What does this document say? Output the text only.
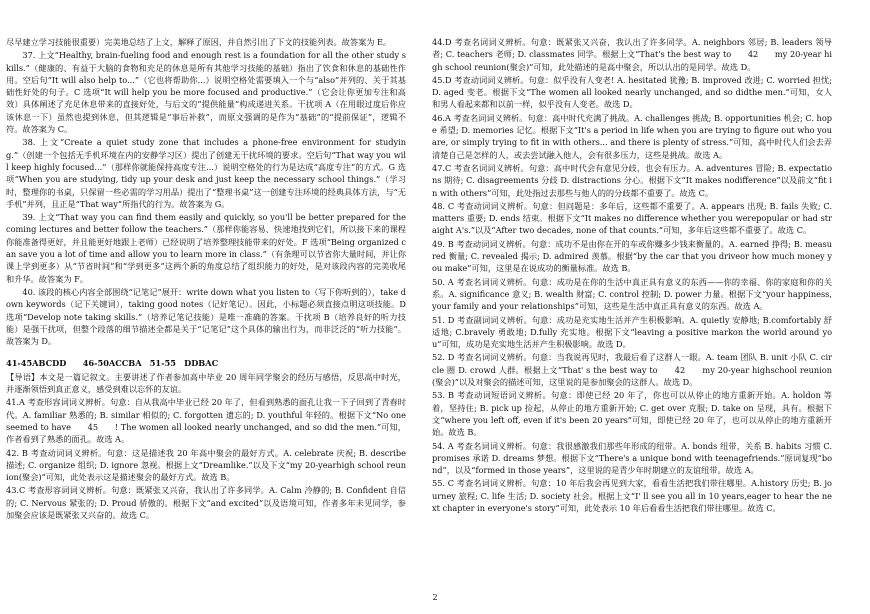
尽早建立学习技能很重要）完美地总结了上文，解释了原因，并自然引出了下文的技能列表。故答案为 E。

37. 上文“Healthy, brain-fueling food and enough rest is a foundation for all the other study skills.”（健康的、有益于大脑的食物和充足的休息是所有其他学习技能的基础）指出了饮食和休息的基础性作用。空后句“It will also help to...”（它也将帮助你...）说明空格处需要填入一个与“also”并列的、关于其基础性好处的句子。C 选项“It will help you be more focused and productive.”（它会让你更加专注和高效）具体阐述了充足休息带来的直接好处，与后文的“提供能量”构成递进关系。干扰项 A（在用眼过度后你应该休息一下）虽然也提到休息，但其逻辑是“事后补救”，而原文强调的是作为“基础”的“提前保证”，逻辑不符。故答案为 C。

38. 上文“Create a quiet study zone that includes a phone-free environment for studying.”（创建一个包括无手机环境在内的安静学习区）提出了创建无干扰环境的要求。空后句“That way you will keep highly focused...”（那样你就能保持高度专注...）说明空格处的行为是达成“高度专注”的方式。G 选项“When you are studying, tidy up your desk and just keep the necessary school things.”（学习时，整理你的书桌，只保留一些必需的学习用品）提出了“整理书桌”这一创建专注环境的经典具体方法，与“无手机”并列，且正是“That way”所指代的行为。故答案为 G。

39. 上文“That way you can find them easily and quickly, so you'll be better prepared for the coming lectures and better follow the teachers.”（那样你能容易、快速地找到它们，所以接下来的课程你能准备得更好，并且能更好地跟上老师）已经说明了培养整理技能带来的好处。F 选项“Being organized can save you a lot of time and allow you to learn more in class.”（有条理可以节省你大量时间，并让你课上学到更多）从“节省时间”和“学到更多”这两个新的角度总结了组织能力的好处，是对该段内容的完美收尾和升华。故答案为 F。

40. 该段的核心内容全部围绕“记笔记”展开：write down what you listen to（写下你听到的），take down keywords（记下关键词），taking good notes（记好笔记）。因此，小标题必须直接点明这项技能。D 选项“Develop note taking skills.”（培养记笔记技能）是唯一准确的答案。干扰项 B（培养良好的听力技能）是强干扰项，但整个段落的细节描述全都是关于“记笔记”这个具体的输出行为，而非泛泛的“听力技能”。故答案为 D。

41-45ABCDD　　46-50ACCBA　51-55　DDBAC

【导语】本文是一篇记叙文。主要讲述了作者参加高中毕业 20 周年同学聚会的经历与感悟，反思高中时光，并逐渐领悟到真正意义，感受到难以忘怀的友谊。

41.A 考查形容词词义辨析。句意：自从我高中毕业已经 20 年了，但看到熟悉的面孔让我一下子回到了青春时代。A. familiar 熟悉的; B. similar 相似的; C. forgotten 遗忘的; D. youthful 年轻的。根据下文“No one seemed to have　　45　　! The women all looked nearly unchanged, and so did the men.”可知，作者看到了熟悉的面孔。故选 A。

42. B 考查动词词义辨析。句意：这是描述我 20 年高中聚会的最好方式。A. celebrate 庆祝; B. describe 描述; C. organize 组织; D. ignore 忽视。根据上文“Dreamlike.”以及下文“my 20-yearhigh school reunion(聚会)”可知，此处表示这是描述聚会的最好方式。故选 B。

43.C 考查形容词词义辨析。句意：既紧张又兴奋，我认出了许多同学。A. Calm 冷静的; B. Confident 自信的; C. Nervous 紧张的; D. Proud 骄傲的。根据下文“and excited”以及语境可知，作者多年未见同学，参加聚会应该是既紧张又兴奋的。故选 C。

44.D 考查名词词义辨析。句意：既紧张又兴奋，我认出了许多同学。A. neighbors 邻居; B. leaders 领导者; C. teachers 老师; D. classmates 同学。根据上文“That's the best way to　　42　　my 20-year high school reunion(聚会)”可知，此处描述的是高中聚会，所以认出的是同学。故选 D。

45.D 考查动词词义辨析。句意：似乎没有人变老! A. hesitated 犹豫; B. improved 改进; C. worried 担忧; D. aged 变老。根据下文“The women all looked nearly unchanged, and so didthe men.”可知，女人和男人看起来都和以前一样，似乎没有人变老。故选 D。

46.A 考查名词词义辨析。句意：高中时代充满了挑战。A. challenges 挑战; B. opportunities 机会; C. hope 希望; D. memories 记忆。根据下文“It's a period in life when you are trying to figure out who you are, or simply trying to fit in with others... and there is plenty of stress.”可知，高中时代人们会去弄清楚自己是怎样的人，或去尝试融入他人，会有很多压力，这些是挑战。故选 A。

47.C 考查名词词义辨析。句意：高中时代会有意见分歧，也会有压力。A. adventures 冒险; B. expectations 期待; C. disagreements 分歧 D. distractions 分心。根据下文“It makes nodifference”以及前文“fit in with others”可知，此处指过去那些与他人的的分歧都不重要了。故选 C。

48. C 考查动词词义辨析。句意：但问题是：多年后，这些都不重要了。A. appears 出现; B. fails 失败; C. matters 重要; D. ends 结束。根据下文“It makes no difference whether you werepopular or had straight A's.”以及“After two decades, none of that counts.”可知，多年后这些都不重要了。故选 C。

49. B 考查动词词义辨析。句意：成功不是由你在开的车或你赚多少钱来衡量的。A. earned 挣得; B. measured 衡量; C. revealed 揭示; D. admired 羡慕。根据“by the car that you driveor how much money you make”可知，这里是在说成功的衡量标准。故选 B。

50. A 考查名词词义辨析。句意：成功是在你的生活中真正具有意义的东西——你的幸福、你的家庭和你的关系。A. significance 意义; B. wealth 财富; C. control 控制; D. power 力量。根据下文“your happiness, your family and your relationships”可知，这些是生活中真正具有意义的东西。故选 A。

51. D 考查副词词义辨析。句意：成功是充实地生活并产生积极影响。A. quietly 安静地; B.comfortably 舒适地; C.bravely 勇敢地; D.fully 充实地。根据下文“leaving a positive markon the world around you”可知，成功是充实地生活并产生积极影响。故选 D。

52. D 考查名词词义辨析。句意：当我说再见时，我最后看了这群人一眼。A. team 团队 B. unit 小队 C. circle 圈 D. crowd 人群。根据上文“That' s the best way to　　42　　my 20-year highschool reunion(聚会)”以及对聚会的描述可知，这里说的是参加聚会的这群人。故选 D。

53. B 考查动词短语词义辨析。句意：即使已经 20 年了，你也可以从停止的地方重新开始。A. holdon 等着，坚持住; B. pick up 捡起，从停止的地方重新开始; C. get over 克服; D. take on 呈现，具有。根据下文“where you left off, even if it's been 20 years”可知，即使已经 20 年了，也可以从停止的地方重新开始。故选 B。

54. A 考查名词词义辨析。句意：我很感激我们那些年形成的纽带。A. bonds 纽带，关系 B. habits 习惯 C. promises 承诺 D. dreams 梦想。根据下文“There's a unique bond with teenagefriends.”原词复现“bond”，以及“formed in those years”，这里说的是青少年时期建立的友谊纽带。故选 A。

55. C 考查名词词义辨析。句意：10 年后我会再见到大家，看看生活把我们带往哪里。A.history 历史; B. journey 旅程; C. life 生活; D. society 社会。根据上文“I' ll see you all in 10 years,eager to hear the next chapter in everyone's story”可知，此处表示 10 年后看看生活把我们带往哪里。故选 C。

2
